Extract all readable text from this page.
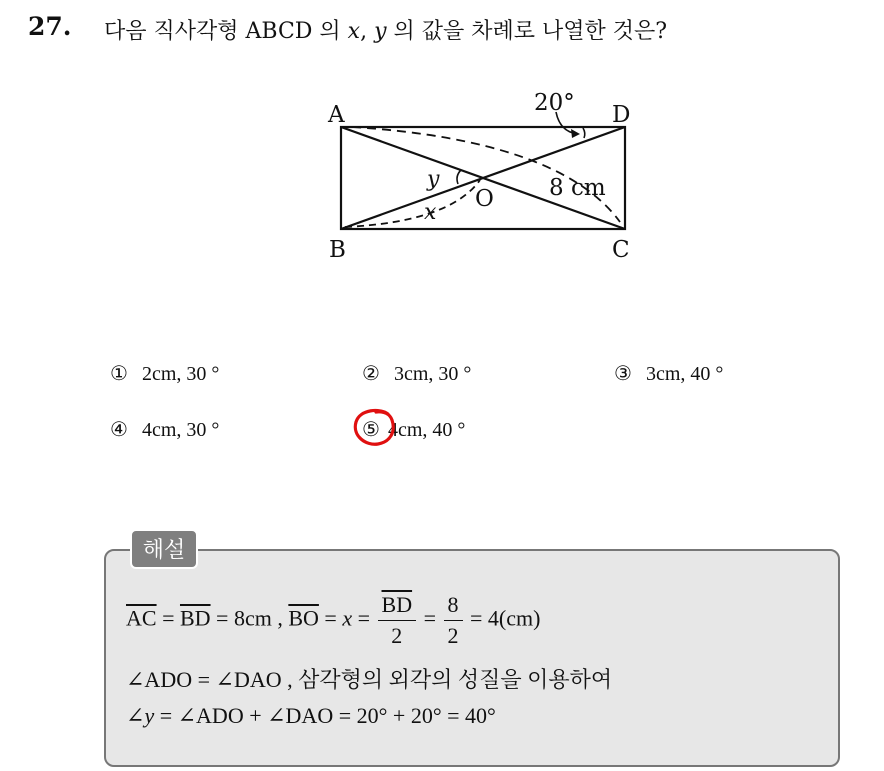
27. 다음 직사각형 ABCD 의 x, y 의 값을 차례로 나열한 것은?
A	D
B	C
O
y
x
20°
8 cm
① 2cm, 30 °	② 3cm, 30 °	③ 3cm, 40 °
④ 4cm, 30 °	⑤ 4cm, 40 °
해설
$\overline{AC} = \overline{BD} = 8cm$ , $\overline{BO} = x = \frac{\overline{BD}}{2} = \frac{8}{2} = 4(cm)$
∠ADO = ∠DAO , 삼각형의 외각의 성질을 이용하여
∠y = ∠ADO + ∠DAO = 20° + 20° = 40°
